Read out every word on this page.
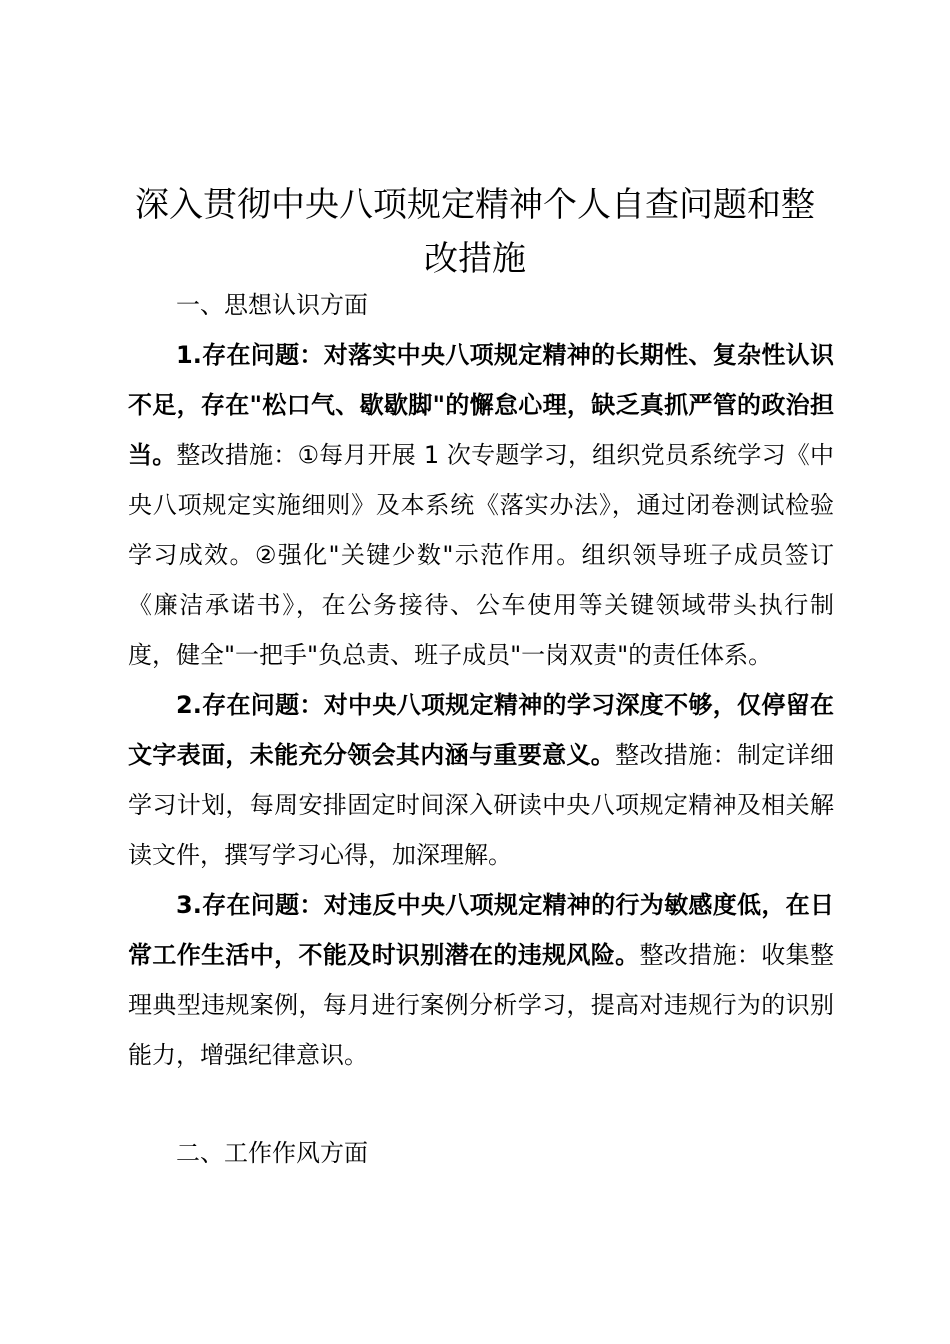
深入贯彻中央八项规定精神个人自查问题和整
改措施

一、思想认识方面

1.存在问题：对落实中央八项规定精神的长期性、复杂性认识不足，存在"松口气、歇歇脚"的懈怠心理，缺乏真抓严管的政治担当。整改措施：①每月开展 1 次专题学习，组织党员系统学习《中央八项规定实施细则》及本系统《落实办法》，通过闭卷测试检验学习成效。②强化"关键少数"示范作用。组织领导班子成员签订《廉洁承诺书》，在公务接待、公车使用等关键领域带头执行制度，健全"一把手"负总责、班子成员"一岗双责"的责任体系。

2.存在问题：对中央八项规定精神的学习深度不够，仅停留在文字表面，未能充分领会其内涵与重要意义。整改措施：制定详细学习计划，每周安排固定时间深入研读中央八项规定精神及相关解读文件，撰写学习心得，加深理解。

3.存在问题：对违反中央八项规定精神的行为敏感度低，在日常工作生活中，不能及时识别潜在的违规风险。整改措施：收集整理典型违规案例，每月进行案例分析学习，提高对违规行为的识别能力，增强纪律意识。

二、工作作风方面
